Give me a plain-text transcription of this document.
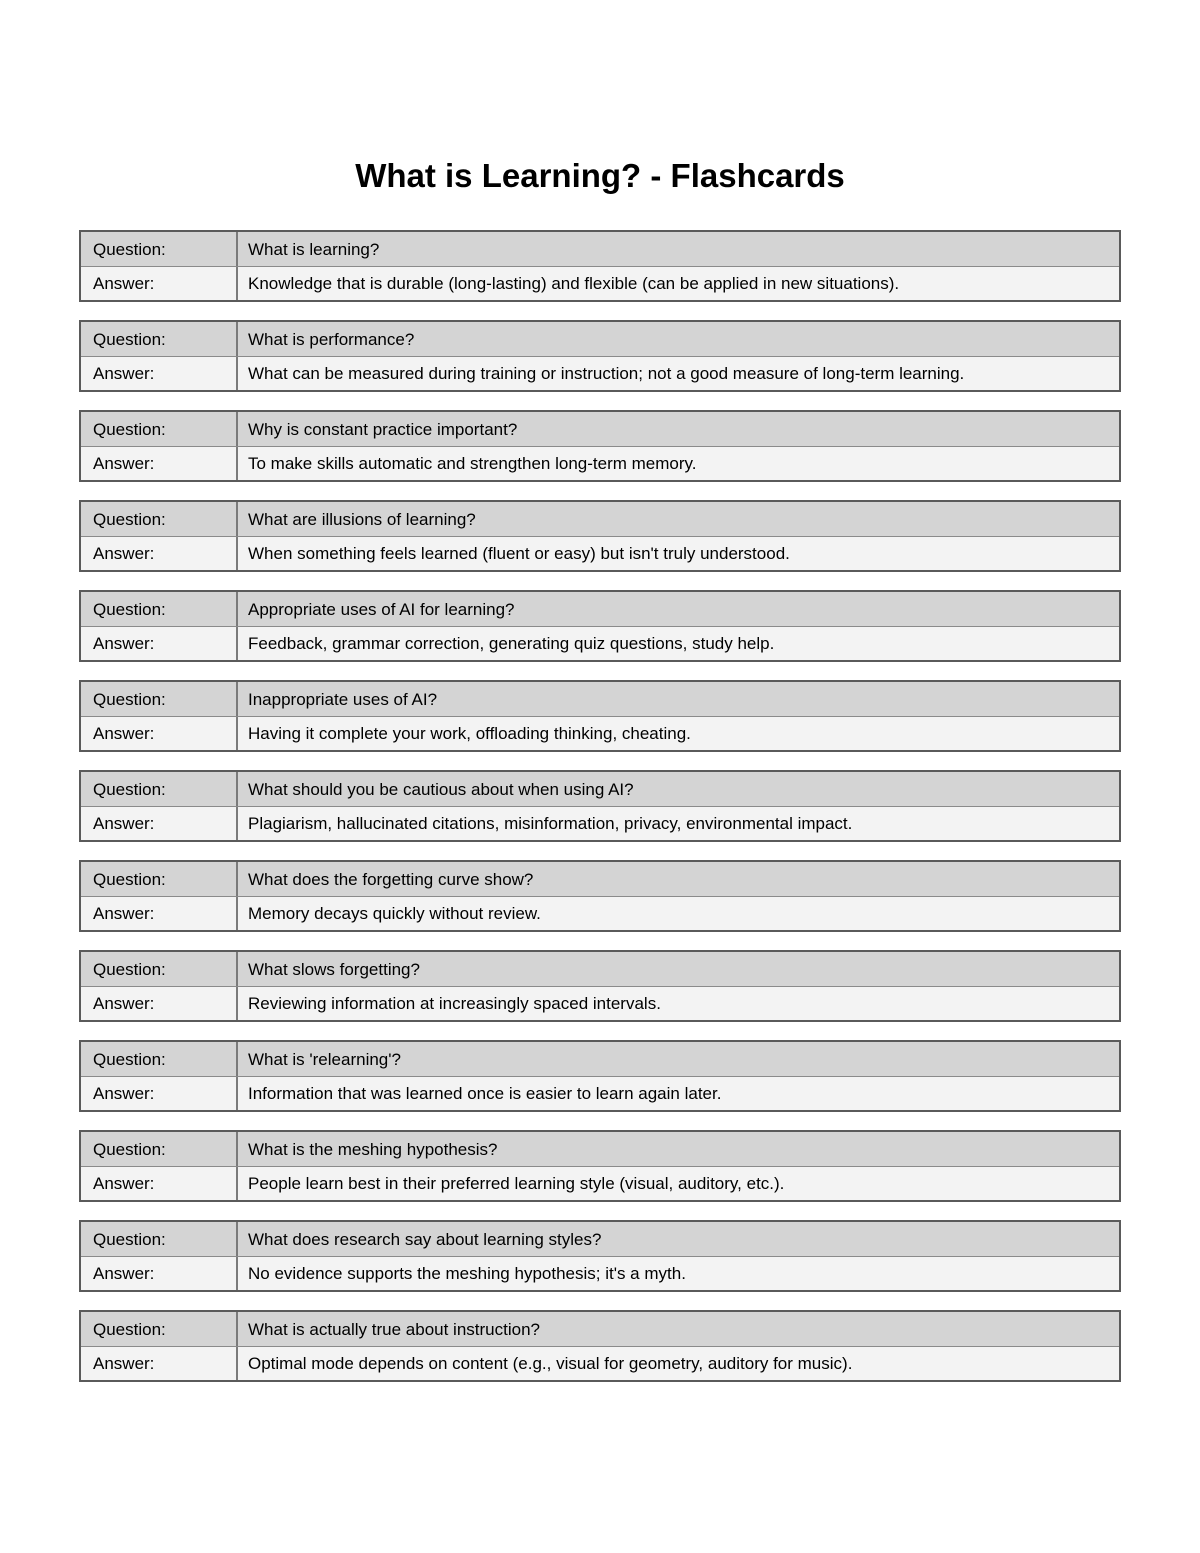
What is Learning? - Flashcards
Question:	What is learning?
Answer:	Knowledge that is durable (long-lasting) and flexible (can be applied in new situations).
Question:	What is performance?
Answer:	What can be measured during training or instruction; not a good measure of long-term learning.
Question:	Why is constant practice important?
Answer:	To make skills automatic and strengthen long-term memory.
Question:	What are illusions of learning?
Answer:	When something feels learned (fluent or easy) but isn't truly understood.
Question:	Appropriate uses of AI for learning?
Answer:	Feedback, grammar correction, generating quiz questions, study help.
Question:	Inappropriate uses of AI?
Answer:	Having it complete your work, offloading thinking, cheating.
Question:	What should you be cautious about when using AI?
Answer:	Plagiarism, hallucinated citations, misinformation, privacy, environmental impact.
Question:	What does the forgetting curve show?
Answer:	Memory decays quickly without review.
Question:	What slows forgetting?
Answer:	Reviewing information at increasingly spaced intervals.
Question:	What is 'relearning'?
Answer:	Information that was learned once is easier to learn again later.
Question:	What is the meshing hypothesis?
Answer:	People learn best in their preferred learning style (visual, auditory, etc.).
Question:	What does research say about learning styles?
Answer:	No evidence supports the meshing hypothesis; it's a myth.
Question:	What is actually true about instruction?
Answer:	Optimal mode depends on content (e.g., visual for geometry, auditory for music).
